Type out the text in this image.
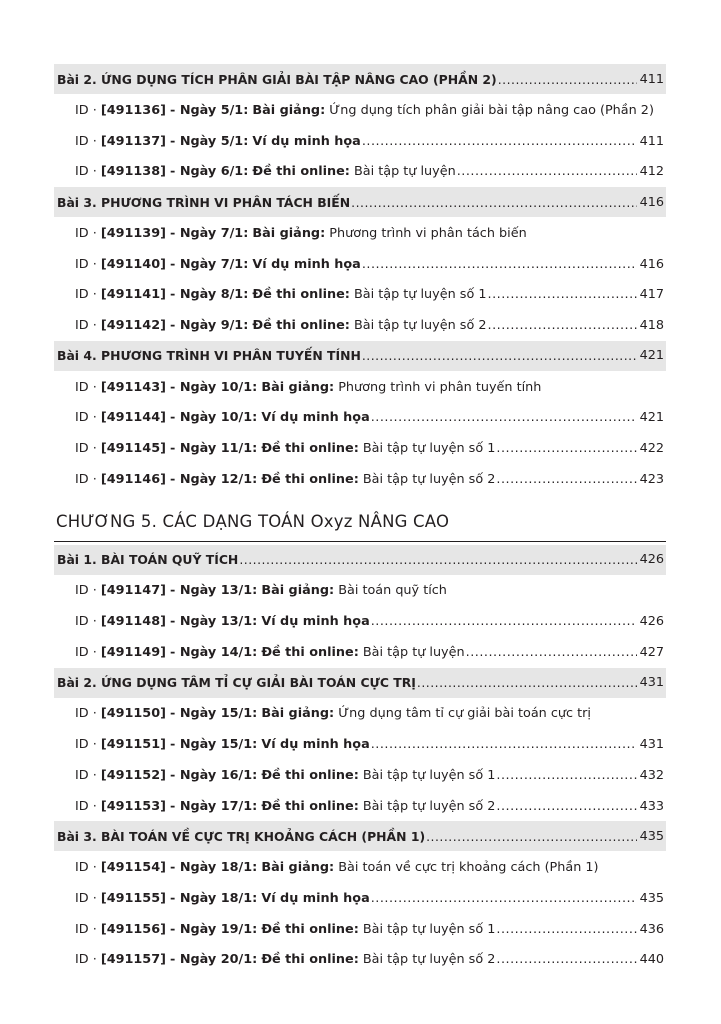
Bài 2. ỨNG DỤNG TÍCH PHÂN GIẢI BÀI TẬP NÂNG CAO (PHẦN 2) .....	411
ID ·
[491136]
- Ngày 5/1:
Bài giảng:
Ứng dụng tích phân giải bài tập nâng cao (Phần 2)
ID ·
[491137]
- Ngày 5/1:
Ví dụ minh họa .....	411
ID ·
[491138]
- Ngày 6/1:
Đề thi online:
Bài tập tự luyện .....	412
Bài 3. PHƯƠNG TRÌNH VI PHÂN TÁCH BIẾN .....	416
ID ·
[491139]
- Ngày 7/1:
Bài giảng:
Phương trình vi phân tách biến
ID ·
[491140]
- Ngày 7/1:
Ví dụ minh họa .....	416
ID ·
[491141]
- Ngày 8/1:
Đề thi online:
Bài tập tự luyện số 1 .....	417
ID ·
[491142]
- Ngày 9/1:
Đề thi online:
Bài tập tự luyện số 2 .....	418
Bài 4. PHƯƠNG TRÌNH VI PHÂN TUYẾN TÍNH .....	421
ID ·
[491143]
- Ngày 10/1:
Bài giảng:
Phương trình vi phân tuyến tính
ID ·
[491144]
- Ngày 10/1:
Ví dụ minh họa .....	421
ID ·
[491145]
- Ngày 11/1:
Đề thi online:
Bài tập tự luyện số 1 .....	422
ID ·
[491146]
- Ngày 12/1:
Đề thi online:
Bài tập tự luyện số 2 .....	423
CHƯƠNG 5. CÁC DẠNG TOÁN Oxyz NÂNG CAO
Bài 1. BÀI TOÁN QUỸ TÍCH .....	426
ID ·
[491147]
- Ngày 13/1:
Bài giảng:
Bài toán quỹ tích
ID ·
[491148]
- Ngày 13/1:
Ví dụ minh họa .....	426
ID ·
[491149]
- Ngày 14/1:
Đề thi online:
Bài tập tự luyện .....	427
Bài 2. ỨNG DỤNG TÂM TỈ CỰ GIẢI BÀI TOÁN CỰC TRỊ .....	431
ID ·
[491150]
- Ngày 15/1:
Bài giảng:
Ứng dụng tâm tỉ cự giải bài toán cực trị
ID ·
[491151]
- Ngày 15/1:
Ví dụ minh họa .....	431
ID ·
[491152]
- Ngày 16/1:
Đề thi online:
Bài tập tự luyện số 1 .....	432
ID ·
[491153]
- Ngày 17/1:
Đề thi online:
Bài tập tự luyện số 2 .....	433
Bài 3. BÀI TOÁN VỀ CỰC TRỊ KHOẢNG CÁCH (PHẦN 1) .....	435
ID ·
[491154]
- Ngày 18/1:
Bài giảng:
Bài toán về cực trị khoảng cách (Phần 1)
ID ·
[491155]
- Ngày 18/1:
Ví dụ minh họa .....	435
ID ·
[491156]
- Ngày 19/1:
Đề thi online:
Bài tập tự luyện số 1 .....	436
ID ·
[491157]
- Ngày 20/1:
Đề thi online:
Bài tập tự luyện số 2 .....	440
